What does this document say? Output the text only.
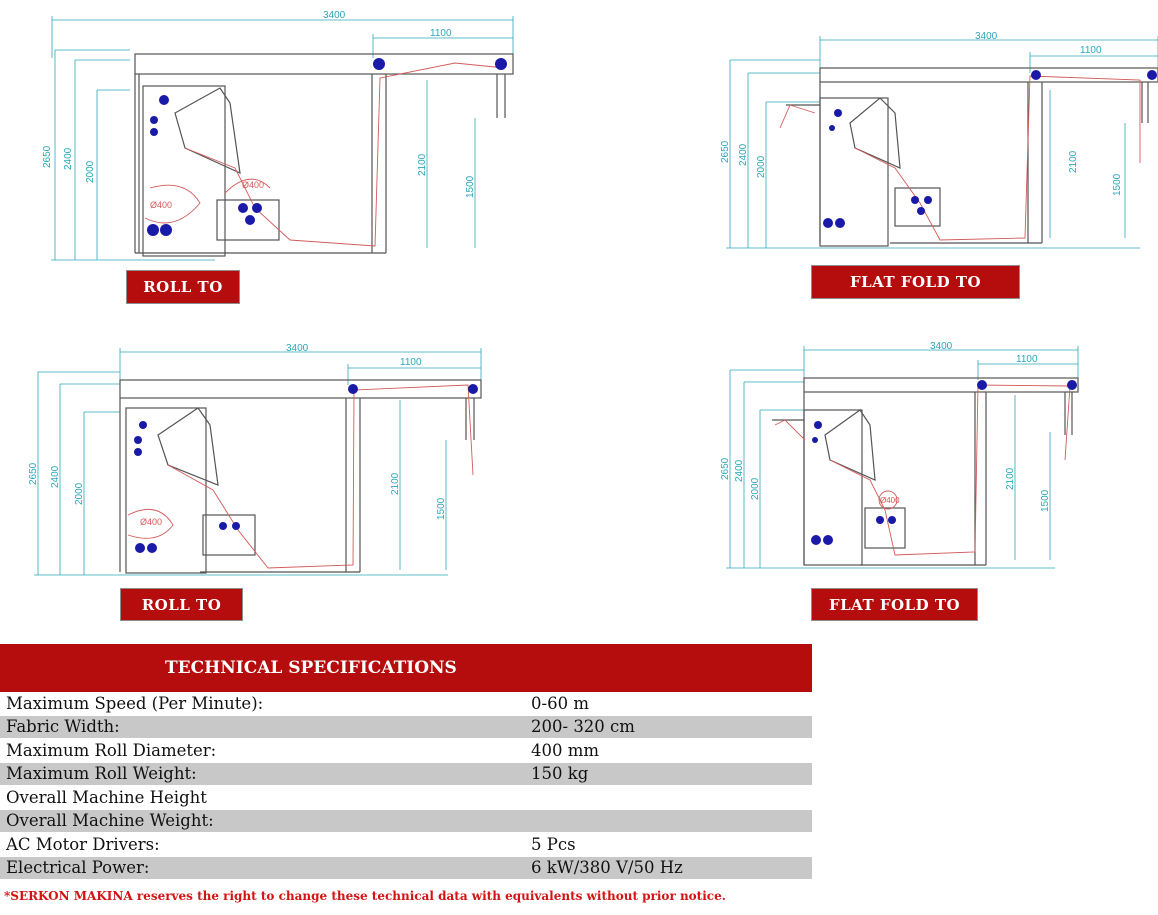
3400
1100
2650 2400
2000	2100
1500
Ø400
Ø400
3400
1100
2650 2400
2000	2100
1500
3400
1100
2650 2400
2000	2100
1500
Ø400
3400
1100
2650 2400
2000	2100
1500
Ø400
ROLL TO	FLAT FOLD TO
ROLL TO	FLAT FOLD TO
TECHNICAL SPECIFICATIONS
Maximum Speed (Per Minute):	0-60 m
Fabric Width:	200- 320 cm
Maximum Roll Diameter:	400 mm
Maximum Roll Weight:	150 kg
Overall Machine Height
Overall Machine Weight:
AC Motor Drivers:	5 Pcs
Electrical Power:	6 kW/380 V/50 Hz
*SERKON MAKINA reserves the right to change these technical data with equivalents without prior notice.
